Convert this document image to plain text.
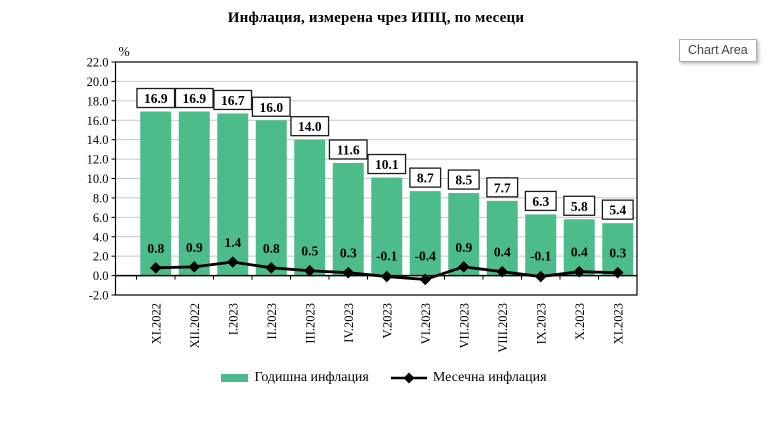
Инфлация, измерена чрез ИПЦ, по месеци
22.0
20.0
18.0
16.0
14.0
12.0
10.0
8.0
6.0
4.0
2.0
0.0
-2.0
%
16.9 16.9 16.7 16.0
14.0
11.6
10.1
8.7 8.5
7.7
6.3 5.8 5.4
0.8 0.9 1.4 0.8 0.5 0.3 -0.1 -0.4
0.9 0.4 -0.1 0.4 0.3
XI.2022 XII.2022 I.2023 II.2023 III.2023 IV.2023 V.2023 VI.2023 VII.2023 VIII.2023 IX.2023 X.2023 XI.2023
Годишна инфлация	Месечна инфлация
Chart Area
